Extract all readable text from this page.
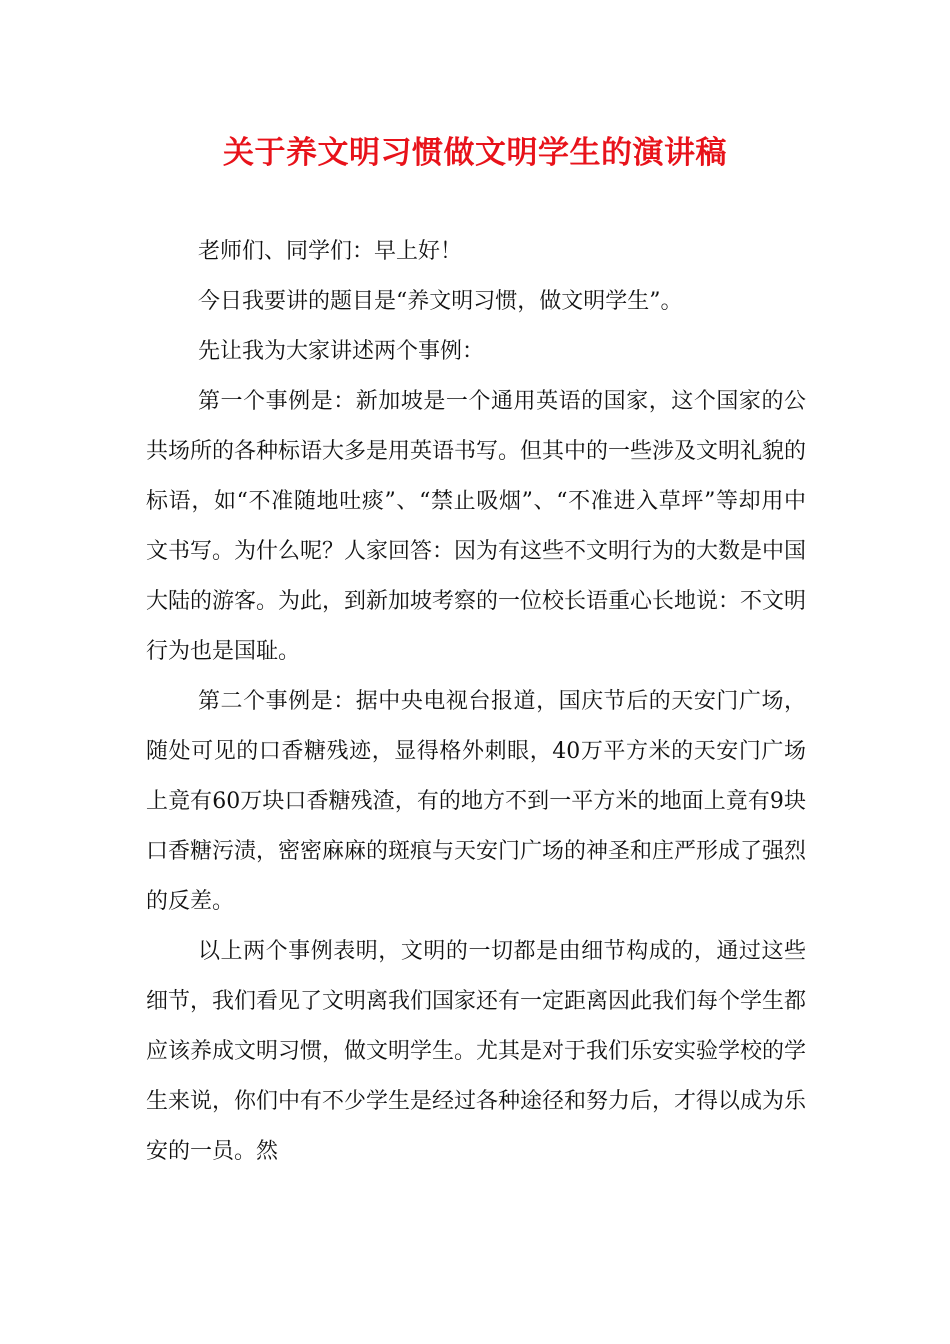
关于养文明习惯做文明学生的演讲稿

老师们、同学们：早上好！

今日我要讲的题目是“养文明习惯，做文明学生”。

先让我为大家讲述两个事例：

第一个事例是：新加坡是一个通用英语的国家，这个国家的公共场所的各种标语大多是用英语书写。但其中的一些涉及文明礼貌的标语，如“不准随地吐痰”、“禁止吸烟”、“不准进入草坪”等却用中文书写。为什么呢？人家回答：因为有这些不文明行为的大数是中国大陆的游客。为此，到新加坡考察的一位校长语重心长地说：不文明行为也是国耻。

第二个事例是：据中央电视台报道，国庆节后的天安门广场，随处可见的口香糖残迹，显得格外刺眼，40万平方米的天安门广场上竟有60万块口香糖残渣，有的地方不到一平方米的地面上竟有9块口香糖污渍，密密麻麻的斑痕与天安门广场的神圣和庄严形成了强烈的反差。

以上两个事例表明，文明的一切都是由细节构成的，通过这些细节，我们看见了文明离我们国家还有一定距离因此我们每个学生都应该养成文明习惯，做文明学生。尤其是对于我们乐安实验学校的学生来说，你们中有不少学生是经过各种途径和努力后，才得以成为乐安的一员。然
